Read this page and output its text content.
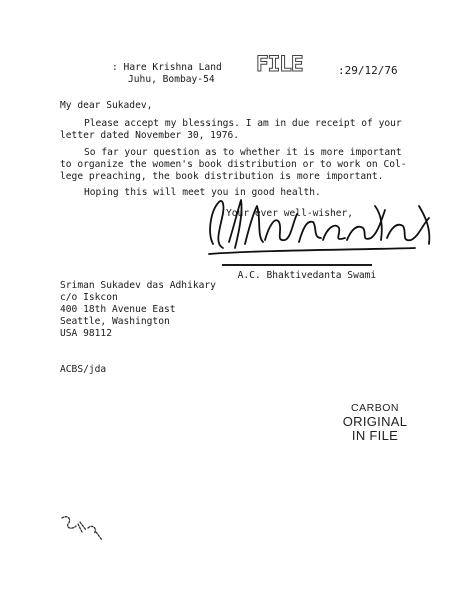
: Hare Krishna Land
Juhu, Bombay-54
FILE	:29/12/76
My dear Sukadev,
Please accept my blessings. I am in due receipt of your
letter dated November 30, 1976.
So far your question as to whether it is more important
to organize the women's book distribution or to work on Col-
lege preaching, the book distribution is more important.
Hoping this will meet you in good health.
Your ever well-wisher,

A.C. Bhaktivedanta Swami

Sriman Sukadev das Adhikary
c/o Iskcon
400 18th Avenue East
Seattle, Washington
USA 98112
ACBS/jda
CARBON
ORIGINAL
IN FILE
